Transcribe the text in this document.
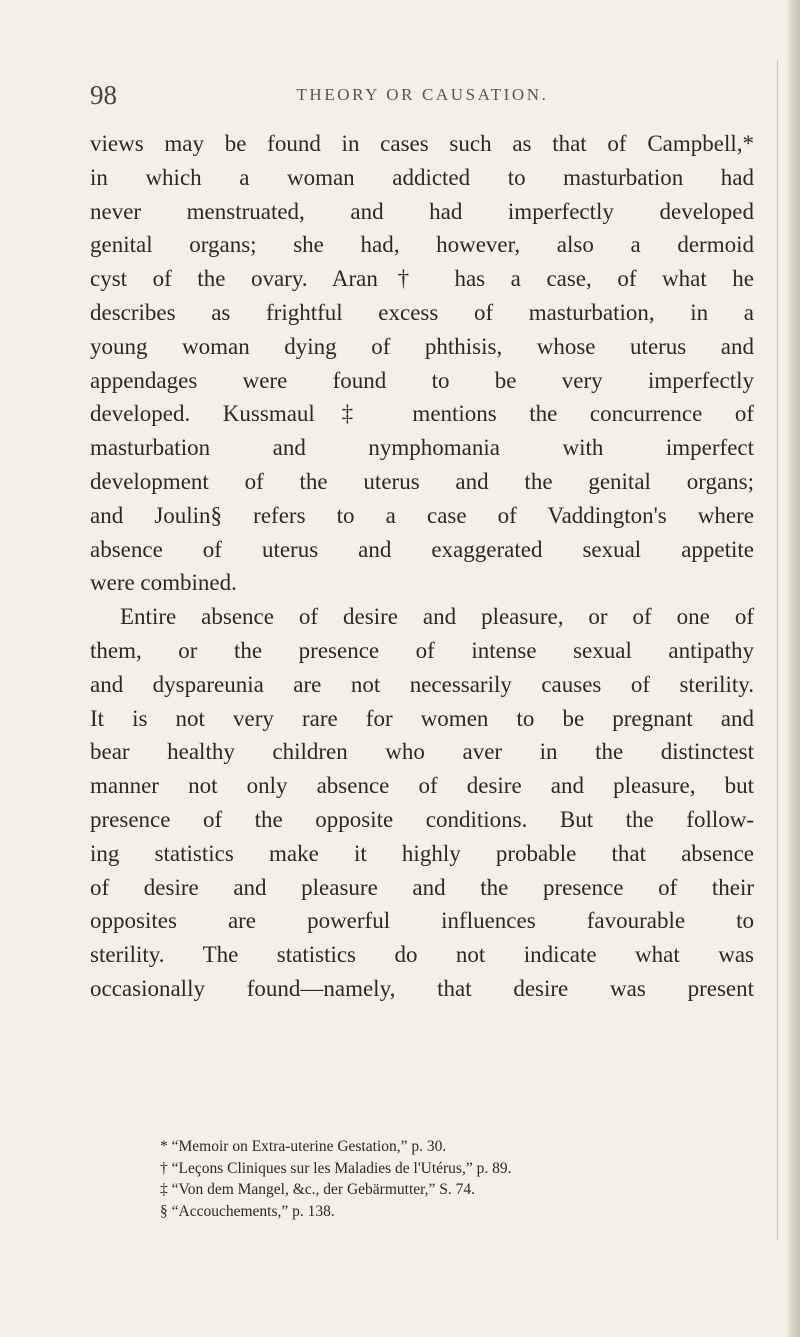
98	THEORY OR CAUSATION.
views may be found in cases such as that of Campbell,*
in which a woman addicted to masturbation had
never menstruated, and had imperfectly developed
genital organs; she had, however, also a dermoid
cyst of the ovary. Aran† has a case, of what he
describes as frightful excess of masturbation, in a
young woman dying of phthisis, whose uterus and
appendages were found to be very imperfectly
developed. Kussmaul‡ mentions the concurrence of
masturbation and nymphomania with imperfect
development of the uterus and the genital organs;
and Joulin§ refers to a case of Vaddington's where
absence of uterus and exaggerated sexual appetite
were combined.
Entire absence of desire and pleasure, or of one of
them, or the presence of intense sexual antipathy
and dyspareunia are not necessarily causes of sterility.
It is not very rare for women to be pregnant and
bear healthy children who aver in the distinctest
manner not only absence of desire and pleasure, but
presence of the opposite conditions. But the follow-
ing statistics make it highly probable that absence
of desire and pleasure and the presence of their
opposites are powerful influences favourable to
sterility. The statistics do not indicate what was
occasionally found—namely, that desire was present
* “Memoir on Extra-uterine Gestation,” p. 30.
† “Leçons Cliniques sur les Maladies de l'Utérus,” p. 89.
‡ “Von dem Mangel, &c., der Gebärmutter,” S. 74.
§ “Accouchements,” p. 138.
